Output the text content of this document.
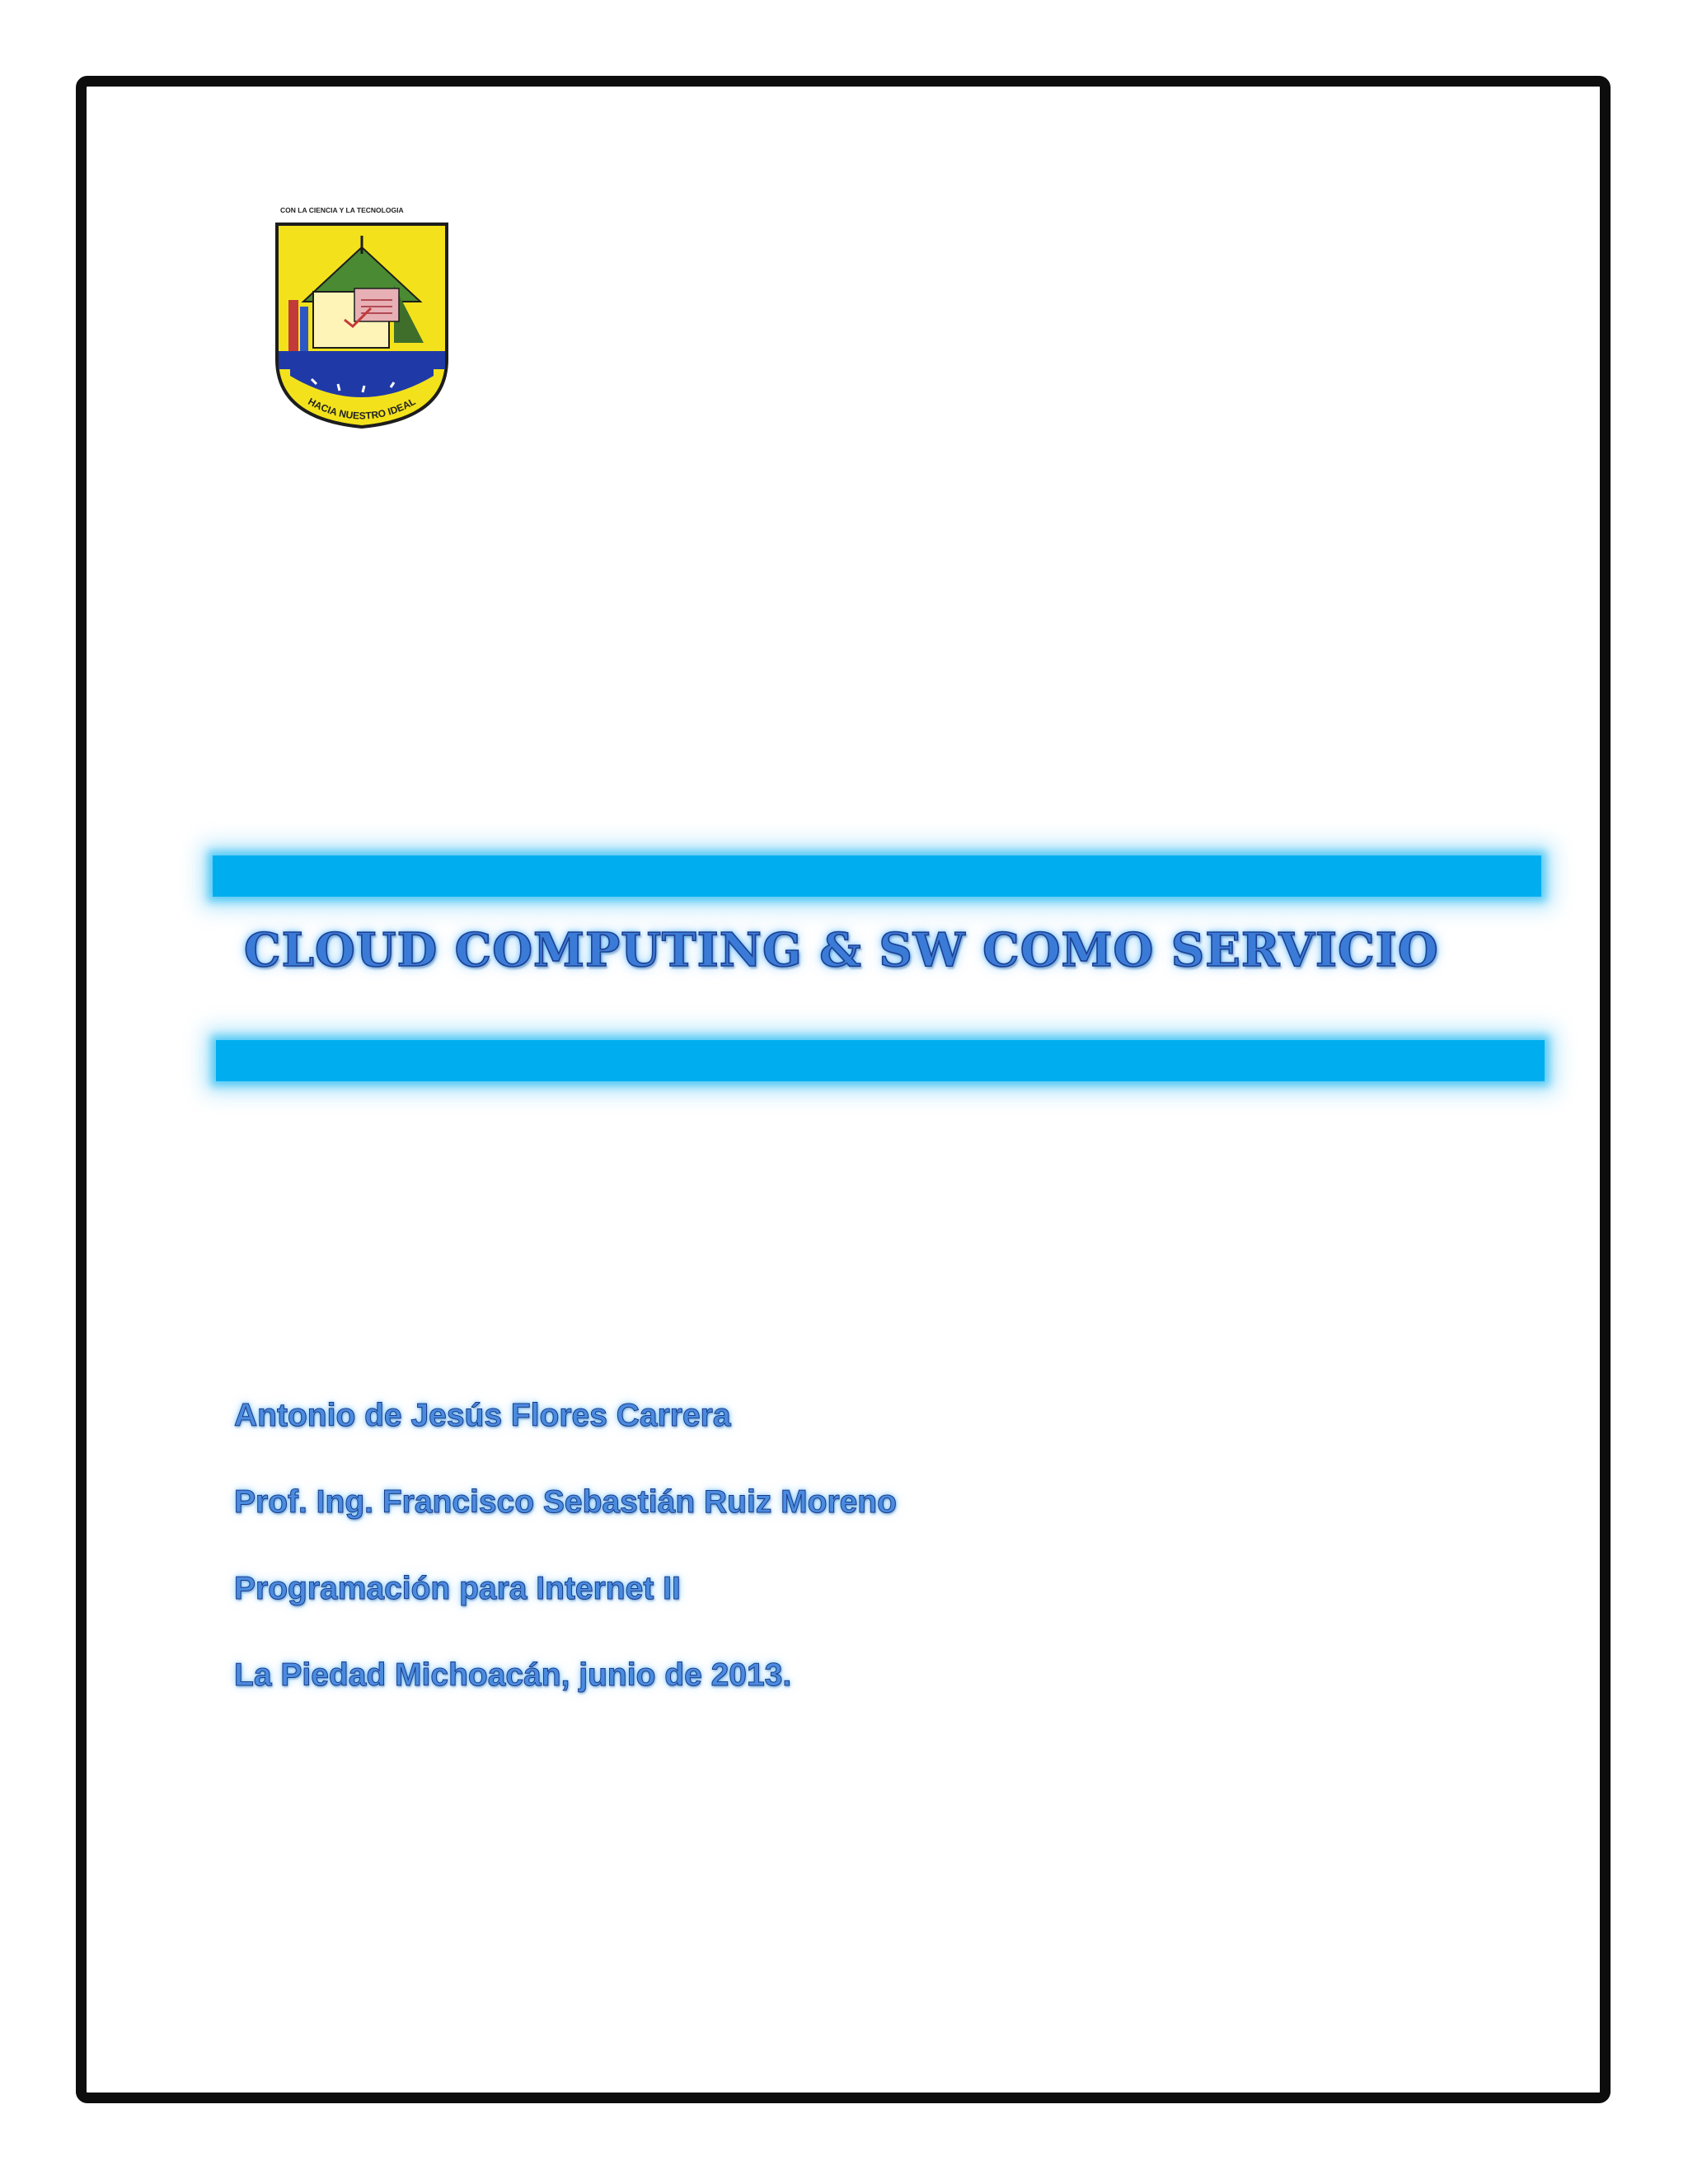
CON LA CIENCIA Y LA TECNOLOGIA
HACIA NUESTRO IDEAL
CLOUD COMPUTING & SW COMO SERVICIO

Antonio de Jesús Flores Carrera

Prof. Ing. Francisco Sebastián Ruiz Moreno

Programación para Internet II

La Piedad Michoacán, junio de 2013.
